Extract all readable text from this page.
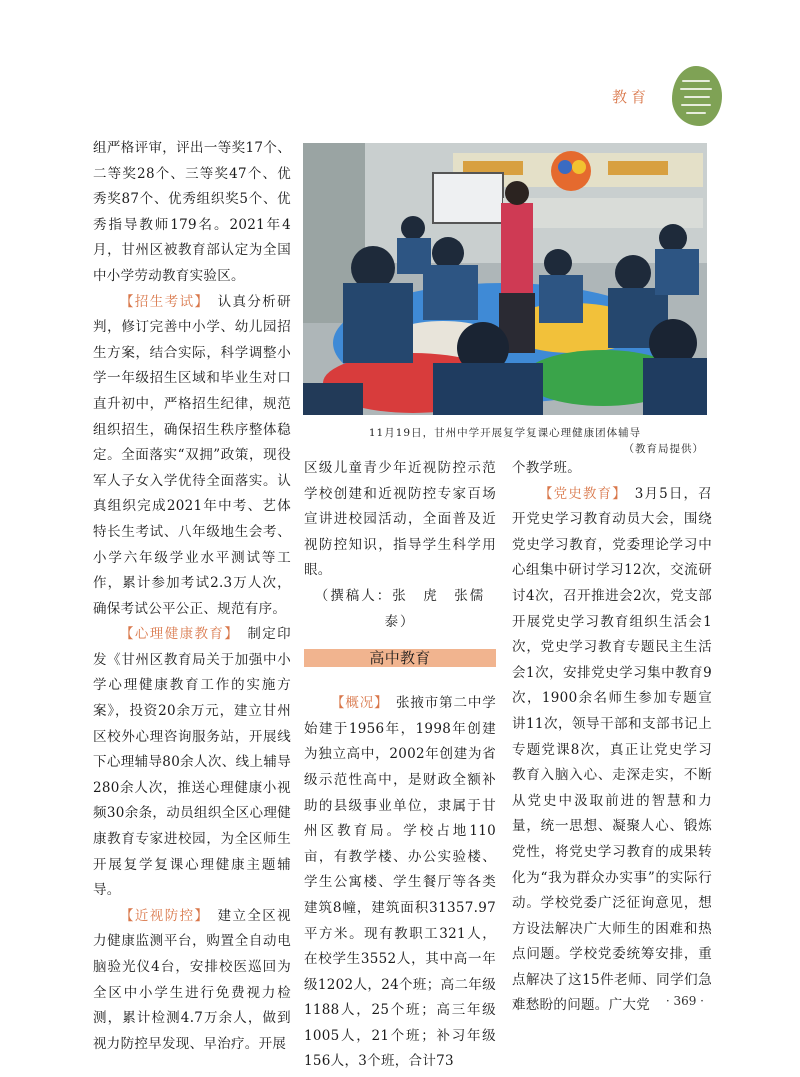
教育

组严格评审，评出一等奖17个、二等奖28个、三等奖47个、优秀奖87个、优秀组织奖5个、优秀指导教师179名。2021年4月，甘州区被教育部认定为全国中小学劳动教育实验区。

【招生考试】　 认真分析研判，修订完善中小学、幼儿园招生方案，结合实际，科学调整小学一年级招生区域和毕业生对口直升初中，严格招生纪律，规范组织招生，确保招生秩序整体稳定。全面落实“双拥”政策，现役军人子女入学优待全面落实。认真组织完成2021年中考、艺体特长生考试、八年级地生会考、小学六年级学业水平测试等工作，累计参加考试2.3万人次，确保考试公平公正、规范有序。

【心理健康教育】　 制定印发《甘州区教育局关于加强中小学心理健康教育工作的实施方案》，投资20余万元，建立甘州区校外心理咨询服务站，开展线下心理辅导80余人次、线上辅导280余人次，推送心理健康小视频30余条，动员组织全区心理健康教育专家进校园，为全区师生开展复学复课心理健康主题辅导。

【近视防控】　 建立全区视力健康监测平台，购置全自动电脑验光仪4台，安排校医巡回为全区中小学生进行免费视力检测，累计检测4.7万余人，做到视力防控早发现、早治疗。开展

11月19日，甘州中学开展复学复课心理健康团体辅导
（教育局提供）

区级儿童青少年近视防控示范学校创建和近视防控专家百场宣讲进校园活动，全面普及近视防控知识，指导学生科学用眼。

（撰稿人：张　虎　张儒泰）

高中教育

【概况】　 张掖市第二中学始建于1956年，1998年创建为独立高中，2002年创建为省级示范性高中，是财政全额补助的县级事业单位，隶属于甘州区教育局。学校占地110亩，有教学楼、办公实验楼、学生公寓楼、学生餐厅等各类建筑8幢，建筑面积31357.97平方米。现有教职工321人，在校学生3552人，其中高一年级1202人，24个班；高二年级1188人，25个班；高三年级1005人，21个班；补习年级156人，3个班，合计73

个教学班。

【党史教育】　 3月5日，召开党史学习教育动员大会，围绕党史学习教育，党委理论学习中心组集中研讨学习12次，交流研讨4次，召开推进会2次，党支部开展党史学习教育组织生活会1次，党史学习教育专题民主生活会1次，安排党史学习集中教育9次，1900余名师生参加专题宣讲11次，领导干部和支部书记上专题党课8次，真正让党史学习教育入脑入心、走深走实，不断从党史中汲取前进的智慧和力量，统一思想、凝聚人心、锻炼党性，将党史学习教育的成果转化为“我为群众办实事”的实际行动。学校党委广泛征询意见，想方设法解决广大师生的困难和热点问题。学校党委统筹安排，重点解决了这15件老师、同学们急难愁盼的问题。广大党	· 369 ·
